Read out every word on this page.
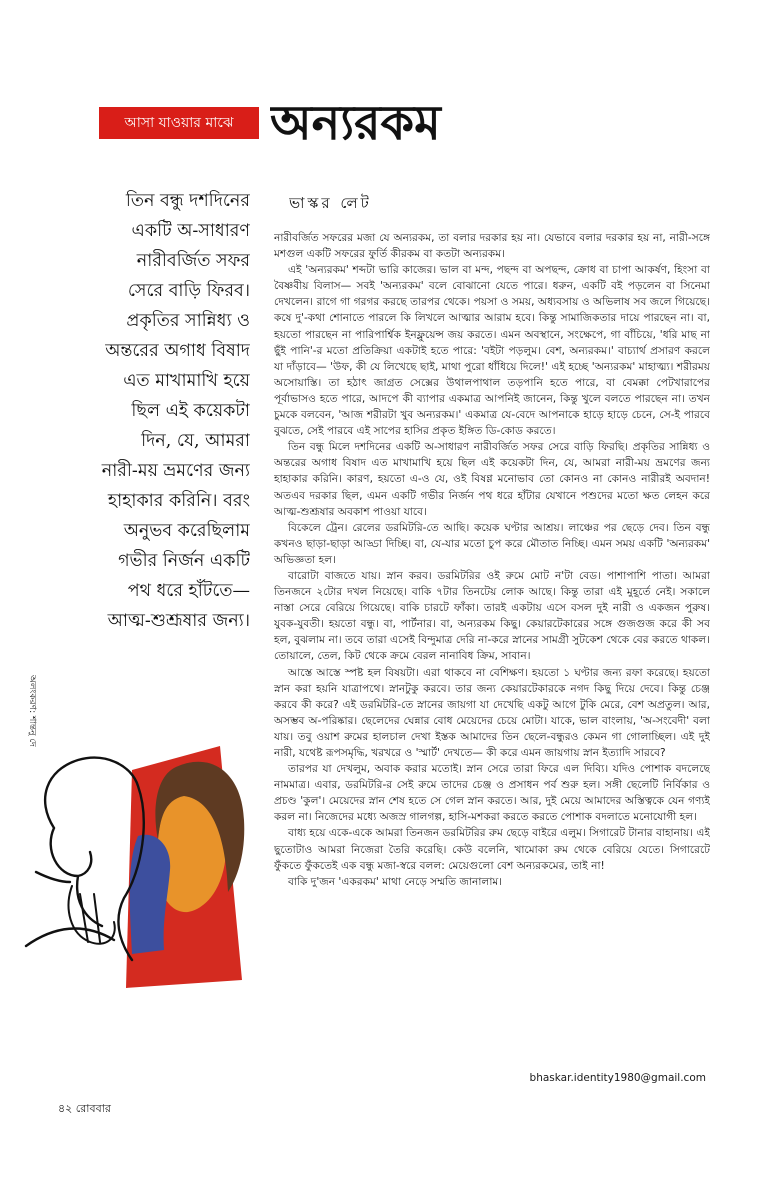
আসা যাওয়ার মাঝে অন্যরকম
তিন বন্ধু দশদিনের
একটি অ-সাধারণ
নারীবর্জিত সফর
সেরে বাড়ি ফিরব।
প্রকৃতির সান্নিধ্য ও
অন্তরের অগাধ বিষাদ
এত মাখামাখি হয়ে
ছিল এই কয়েকটা
দিন, যে, আমরা
নারী-ময় ভ্রমণের জন্য
হাহাকার করিনি। বরং
অনুভব করেছিলাম
গভীর নির্জন একটি
পথ ধরে হাঁটতে—
আত্ম-শুশ্রূষার জন্য।
ভাস্কর লেট

নারীবর্জিত সফরের মজা যে অন্যরকম, তা বলার দরকার হয় না। যেভাবে বলার দরকার হয় না, নারী-সঙ্গে মশগুল একটি সফরের ফুর্তি কীরকম বা কতটা অন্যরকম।

এই 'অন্যরকম' শব্দটা ভারি কাজের। ভাল বা মন্দ, পছন্দ বা অপছন্দ, ক্রোধ বা চাপা আকর্ষণ, হিংসা বা বৈষ্ণবীয় বিলাস— সবই 'অন্যরকম' বলে বোঝানো যেতে পারে। ধরুন, একটি বই পড়লেন বা সিনেমা দেখলেন। রাগে গা গরগর করছে তারপর থেকে। পয়সা ও সময়, অধ্যবসায় ও অভিলাষ সব জলে গিয়েছে। কষে দু'-কথা শোনাতে পারলে কি লিখলে আত্মার আরাম হবে। কিন্তু সামাজিকতার দায়ে পারছেন না। বা, হয়তো পারছেন না পারিপার্শ্বিক ইনফ্লুয়েন্স জয় করতে। এমন অবস্থানে, সংক্ষেপে, গা বাঁচিয়ে, 'ধরি মাছ না ছুঁই পানি'-র মতো প্রতিক্রিয়া একটাই হতে পারে: 'বইটা পড়লুম। বেশ, অন্যরকম।' বাচ্যার্থ প্রসারণ করলে যা দাঁড়াবে— 'উফ, কী যে লিখেছে ছাই, মাথা পুরো ধাঁধিয়ে দিলে!' এই হচ্ছে 'অন্যরকম' মাহাত্ম্য। শরীরময় অসোয়াস্তি। তা হঠাৎ জাগ্রত সেক্সের উথালপাথাল তড়পানি হতে পারে, বা বেমক্কা পেটখারাপের পূর্বাভাসও হতে পারে, আদপে কী ব্যাপার একমাত্র আপনিই জানেন, কিন্তু খুলে বলতে পারছেন না। তখন চুমকে বলবেন, 'আজ শরীরটা খুব অন্যরকম।' একমাত্র যে-বেদে আপনাকে হাড়ে হাড়ে চেনে, সে-ই পারবে বুঝতে, সেই পারবে এই সাপের হাসির প্রকৃত ইঙ্গিত ডি-কোড করতে।

তিন বন্ধু মিলে দশদিনের একটি অ-সাধারণ নারীবর্জিত সফর সেরে বাড়ি ফিরছি। প্রকৃতির সান্নিধ্য ও অন্তরের অগাধ বিষাদ এত মাখামাখি হয়ে ছিল এই কয়েকটা দিন, যে, আমরা নারী-ময় ভ্রমণের জন্য হাহাকার করিনি। কারণ, হয়তো এ-ও যে, ওই বিষণ্ণ মনোভাব তো কোনও না কোনও নারীরই অবদান! অতএব দরকার ছিল, এমন একটি গভীর নির্জন পথ ধরে হাঁটার যেখানে পশুদের মতো ক্ষত লেহন করে আত্ম-শুশ্রূষার অবকাশ পাওয়া যাবে।

বিকেলে ট্রেন। রেলের ডরমিটরি-তে আছি। কয়েক ঘণ্টার আশ্রয়। লাঞ্চের পর ছেড়ে দেব। তিন বন্ধু কখনও ছাড়া-ছাড়া আড্ডা দিচ্ছি। বা, যে-যার মতো চুপ করে মৌতাত নিচ্ছি। এমন সময় একটি 'অন্যরকম' অভিজ্ঞতা হল।

বারোটা বাজতে যায়। স্নান করব। ডরমিটরির ওই রুমে মোট ন'টা বেড। পাশাপাশি পাতা। আমরা তিনজনে ২টোর দখল নিয়েছে। বাকি ৭টার তিনটেয় লোক আছে। কিন্তু তারা এই মুহূর্তে নেই। সকালে নাস্তা সেরে বেরিয়ে গিয়েছে। বাকি চারটে ফাঁকা। তারই একটায় এসে বসল দুই নারী ও একজন পুরুষ। যুবক-যুবতী। হয়তো বন্ধু। বা, পার্টনার। বা, অন্যরকম কিছু। কেয়ারটেকারের সঙ্গে গুজগুজ করে কী সব হল, বুঝলাম না। তবে তারা এসেই বিন্দুমাত্র দেরি না-করে স্নানের সামগ্রী সুটকেশ থেকে বের করতে থাকল। তোয়ালে, তেল, কিট থেকে ক্রমে বেরল নানাবিধ ক্রিম, সাবান।

আস্তে আস্তে স্পষ্ট হল বিষয়টা। এরা থাকবে না বেশিক্ষণ। হয়তো ১ ঘণ্টার জন্য রফা করেছে। হয়তো স্নান করা হয়নি যাত্রাপথে। স্নানটুকু করবে। তার জন্য কেয়ারটেকারকে নগদ কিছু দিয়ে দেবে। কিন্তু চেঞ্জ করবে কী করে? এই ডরমিটরি-তে স্নানের জায়গা যা দেখেছি একটু আগে টুকি মেরে, বেশ অপ্রতুল। আর, অসম্ভব অ-পরিষ্কার। ছেলেদের ঘেন্নার বোধ মেয়েদের চেয়ে মোটা। যাকে, ভাল বাংলায়, 'অ-সংবেদী' বলা যায়। তবু ওয়াশ রুমের হালচাল দেখা ইস্তক আমাদের তিন ছেলে-বন্ধুরও কেমন গা গোলাচ্ছিল। এই দুই নারী, যথেষ্ট রূপসমৃদ্ধি, খরখরে ও 'স্মার্ট' দেখতে— কী করে এমন জায়গায় স্নান ইত্যাদি সারবে?

তারপর যা দেখলুম, অবাক করার মতোই। স্নান সেরে তারা ফিরে এল দিব্যি। যদিও পোশাক বদলেছে নামমাত্র। এবার, ডরমিটরি-র সেই রুমে তাদের চেঞ্জ ও প্রসাধন পর্ব শুরু হল। সঙ্গী ছেলেটি নির্বিকার ও প্রচণ্ড 'কুল'। মেয়েদের স্নান শেষ হতে সে গেল স্নান করতে। আর, দুই মেয়ে আমাদের অস্তিত্বকে যেন গণ্যই করল না। নিজেদের মধ্যে অজস্র গালগল্প, হাসি-মশকরা করতে করতে পোশাক বদলাতে মনোযোগী হল।

বাধ্য হয়ে একে-একে আমরা তিনজন ডরমিটরির রুম ছেড়ে বাইরে এলুম। সিগারেট টানার বাহানায়। এই ছুতোটাও আমরা নিজেরা তৈরি করেছি। কেউ বলেনি, খামোকা রুম থেকে বেরিয়ে যেতে। সিগারেটে ফুঁকতে ফুঁকতেই এক বন্ধু মজা-স্বরে বলল: মেয়েগুলো বেশ অন্যরকমের, তাই না!

বাকি দু'জন 'একরকম' মাথা নেড়ে সম্মতি জানালাম।

অলংকরণ: শান্তনু দে
bhaskar.identity1980@gmail.com
৪২ রোববার
